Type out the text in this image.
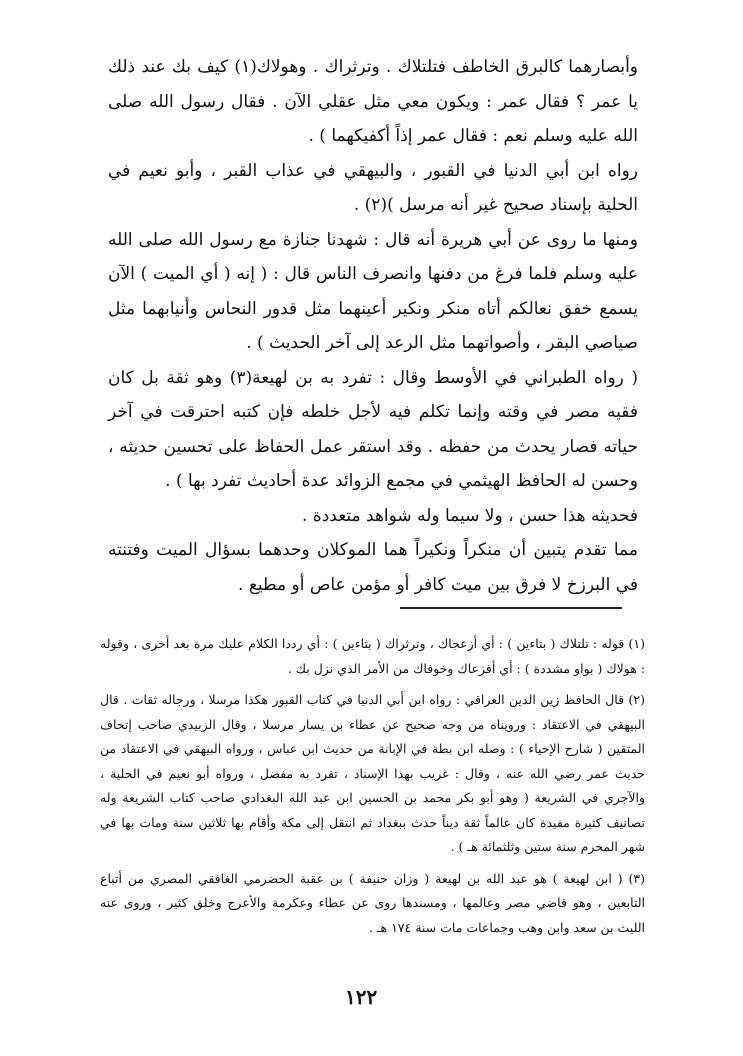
وأبصارهما كالبرق الخاطف فتلتلاك . وترثراك . وهولاك(١) كيف بك عند ذلك يا عمر ؟ فقال عمر : ويكون معي مثل عقلي الآن . فقال رسول الله صلى الله عليه وسلم نعم : فقال عمر إذاً أكفيكهما ) .

رواه ابن أبي الدنيا في القبور ، والبيهقي في عذاب القبر ، وأبو نعيم في الحلية بإسناد صحيح غير أنه مرسل )(٢) .

ومنها ما روى عن أبي هريرة أنه قال : شهدنا جنازة مع رسول الله صلى الله عليه وسلم فلما فرغ من دفنها وانصرف الناس قال : ( إنه ( أي الميت ) الآن يسمع خفق نعالكم أتاه منكر ونكير أعينهما مثل قدور النحاس وأنيابهما مثل صياصي البقر ، وأصواتهما مثل الرعد إلى آخر الحديث ) .

( رواه الطبراني في الأوسط وقال : تفرد به بن لهيعة(٣) وهو ثقة بل كان فقيه مصر في وقته وإنما تكلم فيه لأجل خلطه فإن كتبه احترقت في آخر حياته فصار يحدث من حفظه . وقد استقر عمل الحفاظ على تحسين حديثه ، وحسن له الحافظ الهيثمي في مجمع الزوائد عدة أحاديث تفرد بها ) .

فحديثه هذا حسن ، ولا سيما وله شواهد متعددة .

مما تقدم يتبين أن منكراً ونكيراً هما الموكلان وحدهما بسؤال الميت وفتنته في البرزخ لا فرق بين ميت كافر أو مؤمن عاص أو مطيع .

(١) قوله : تلتلاك ( بتاءين ) : أي أزعجاك ، وترثراك ( بثاءين ) : أي رددا الكلام عليك مرة بعد أخرى ، وقوله : هولاك ( بواو مشددة ) : أي أفزعاك وخوفاك من الأمر الذي نزل بك .

(٢) قال الحافظ زين الدين العراقي : رواه ابن أبي الدنيا في كتاب القبور هكذا مرسلا ، ورجاله ثقات . قال البيهقي في الاعتقاد : ورويناه من وجه صحيح عن عطاء بن يسار مرسلا ، وقال الزبيدي صاحب إتحاف المتقين ( شارح الإحياء ) : وصله ابن بطة في الإبانة من حديث ابن عباس ، ورواه البيهقي في الاعتقاد من حديث عمر رضي الله عنه ، وقال : غريب بهذا الإسناد ، تفرد به مفضل ، ورواه أبو نعيم في الحلية ، والآجري في الشريعة ( وهو أبو بكر محمد بن الحسين ابن عبد الله البغدادي صاحب كتاب الشريعة وله تصانيف كثيرة مفيدة كان عالماً ثقة ديناً حدث ببغداد ثم انتقل إلى مكة وأقام بها ثلاثين سنة ومات بها في شهر المحرم سنة ستين وثلثمائة هـ ) .

(٣) ( ابن لهيعة ) هو عبد الله بن لهيعة ( وزان حنيفة ) بن عقبة الحضرمي الغافقي المصري من أتباع التابعين ، وهو قاضي مصر وعالمها ، ومسندها روى عن عطاء وعكرمة والأعرج وخلق كثير ، وروى عنه الليث بن سعد وابن وهب وجماعات مات سنة ١٧٤ هـ .

١٢٢
